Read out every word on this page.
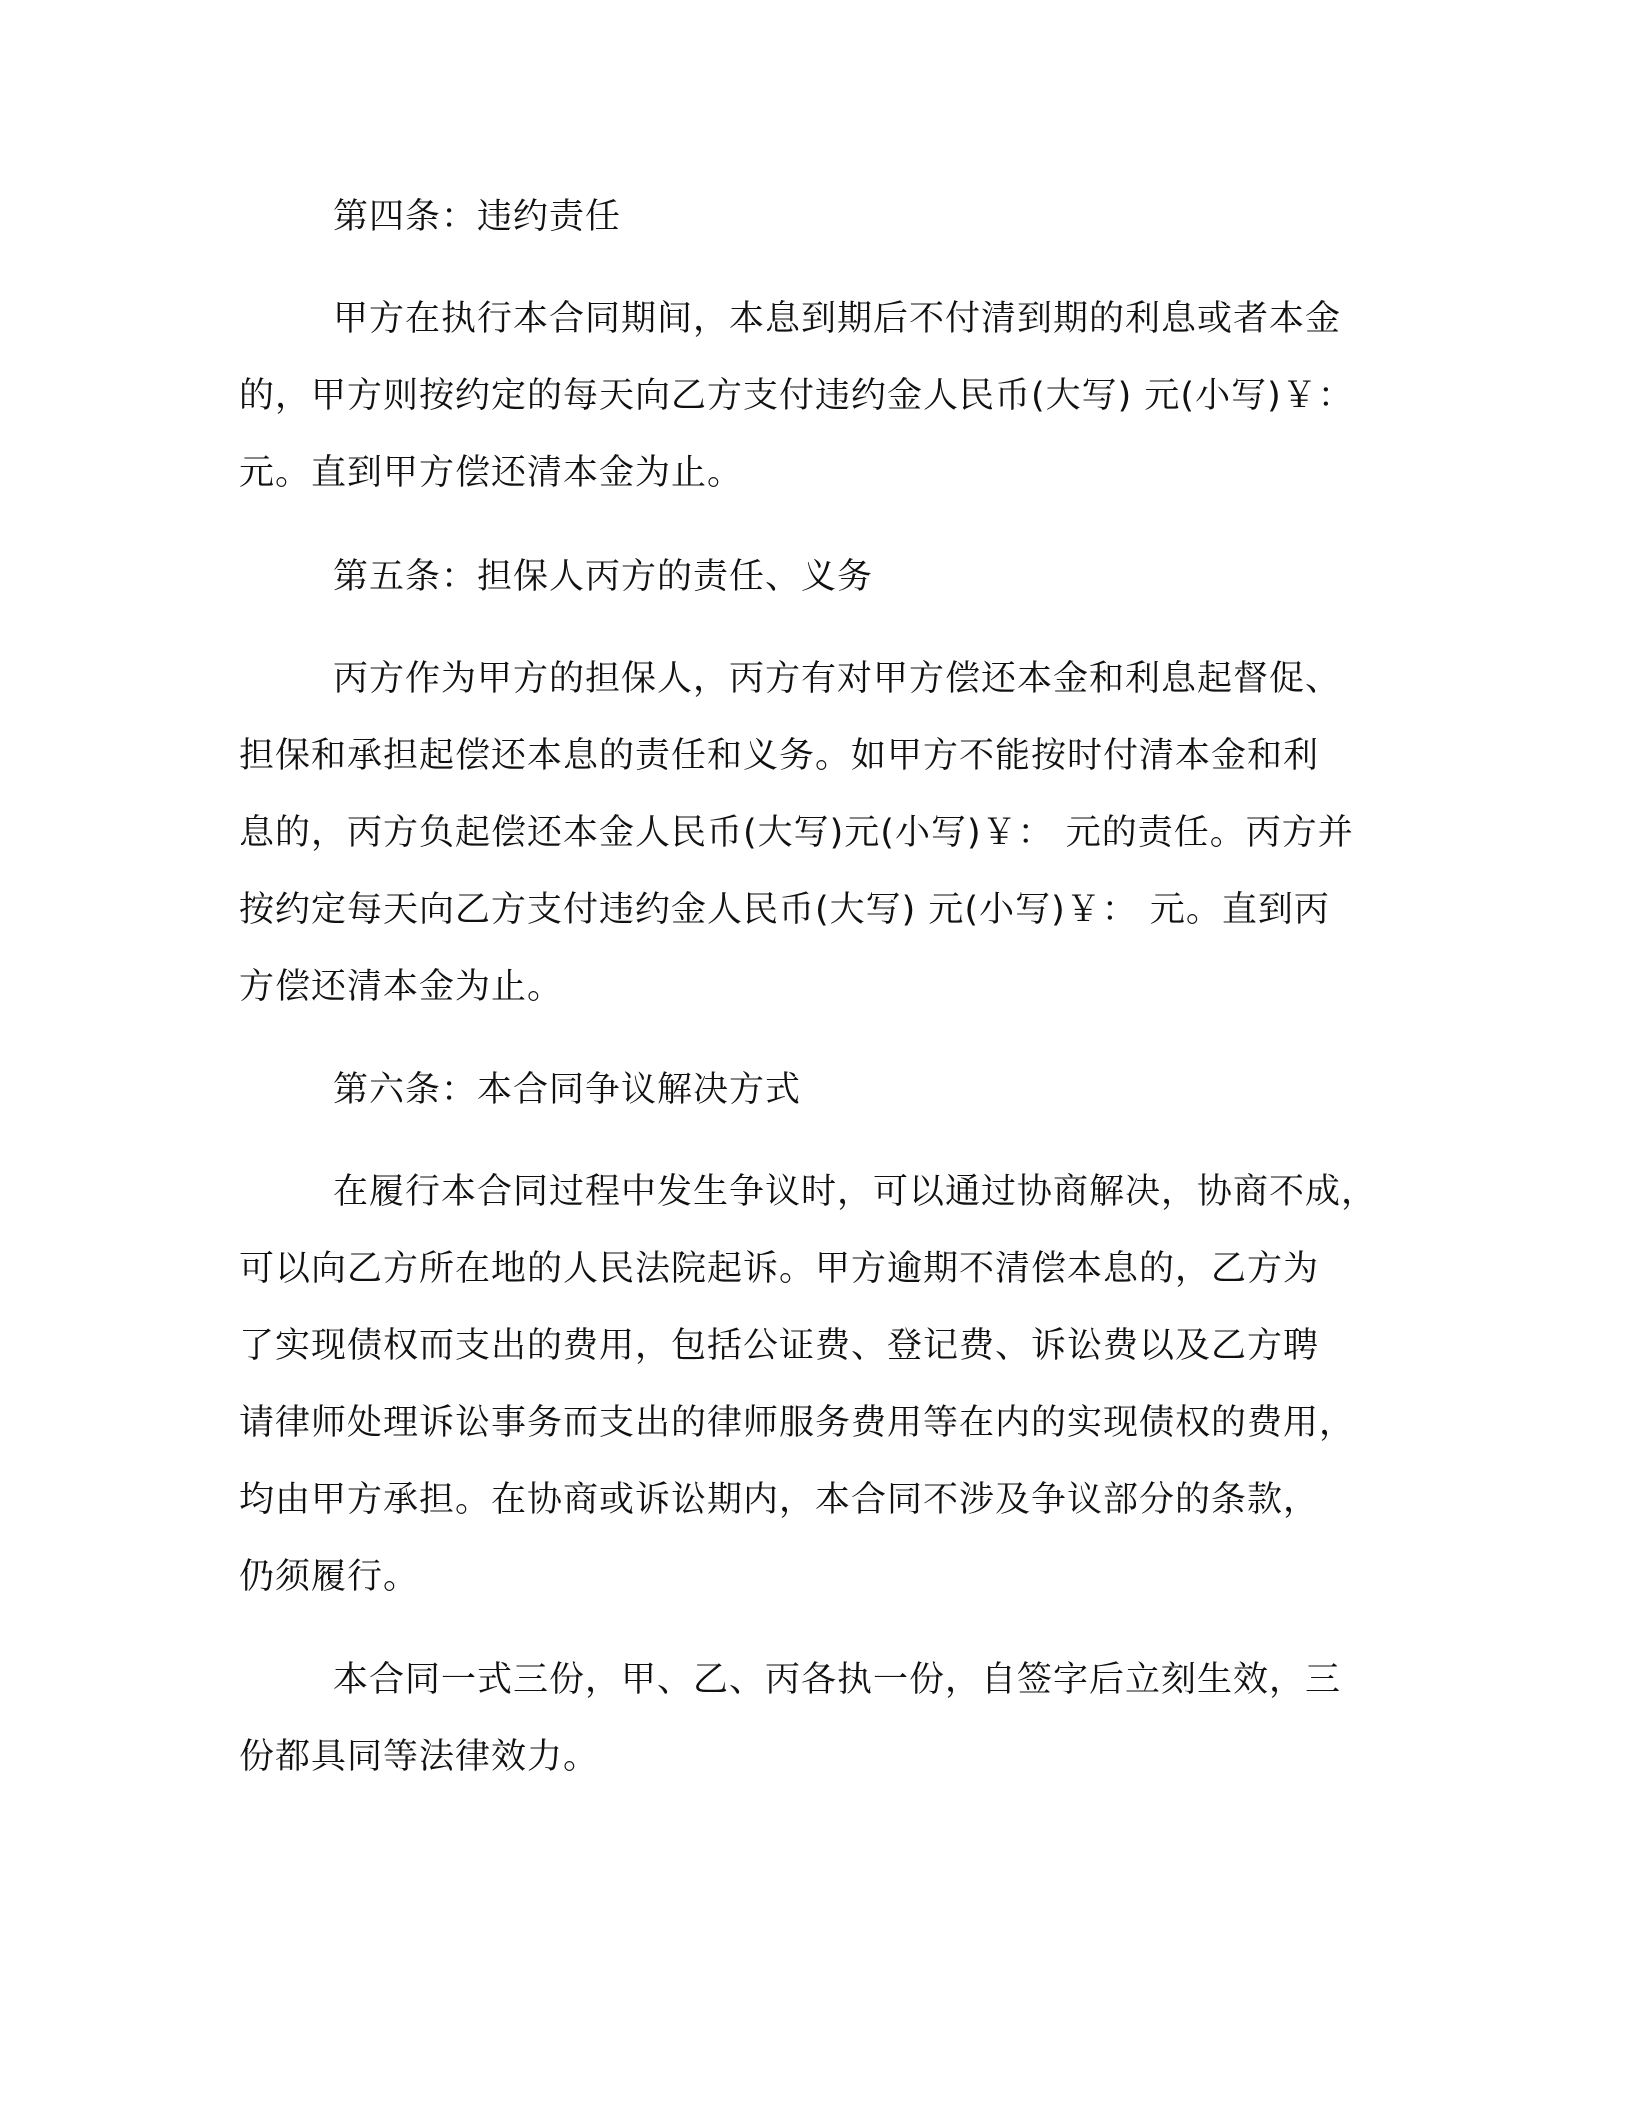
第四条：违约责任
甲方在执行本合同期间，本息到期后不付清到期的利息或者本金
的，甲方则按约定的每天向乙方支付违约金人民币(大写) 元(小写)￥：
元。直到甲方偿还清本金为止。
第五条：担保人丙方的责任、义务
丙方作为甲方的担保人，丙方有对甲方偿还本金和利息起督促、
担保和承担起偿还本息的责任和义务。如甲方不能按时付清本金和利
息的，丙方负起偿还本金人民币(大写)元(小写)￥： 元的责任。丙方并
按约定每天向乙方支付违约金人民币(大写) 元(小写)￥： 元。直到丙
方偿还清本金为止。
第六条：本合同争议解决方式
在履行本合同过程中发生争议时，可以通过协商解决，协商不成，
可以向乙方所在地的人民法院起诉。甲方逾期不清偿本息的，乙方为
了实现债权而支出的费用，包括公证费、登记费、诉讼费以及乙方聘
请律师处理诉讼事务而支出的律师服务费用等在内的实现债权的费用，
均由甲方承担。在协商或诉讼期内，本合同不涉及争议部分的条款，
仍须履行。
本合同一式三份，甲、乙、丙各执一份，自签字后立刻生效，三
份都具同等法律效力。
